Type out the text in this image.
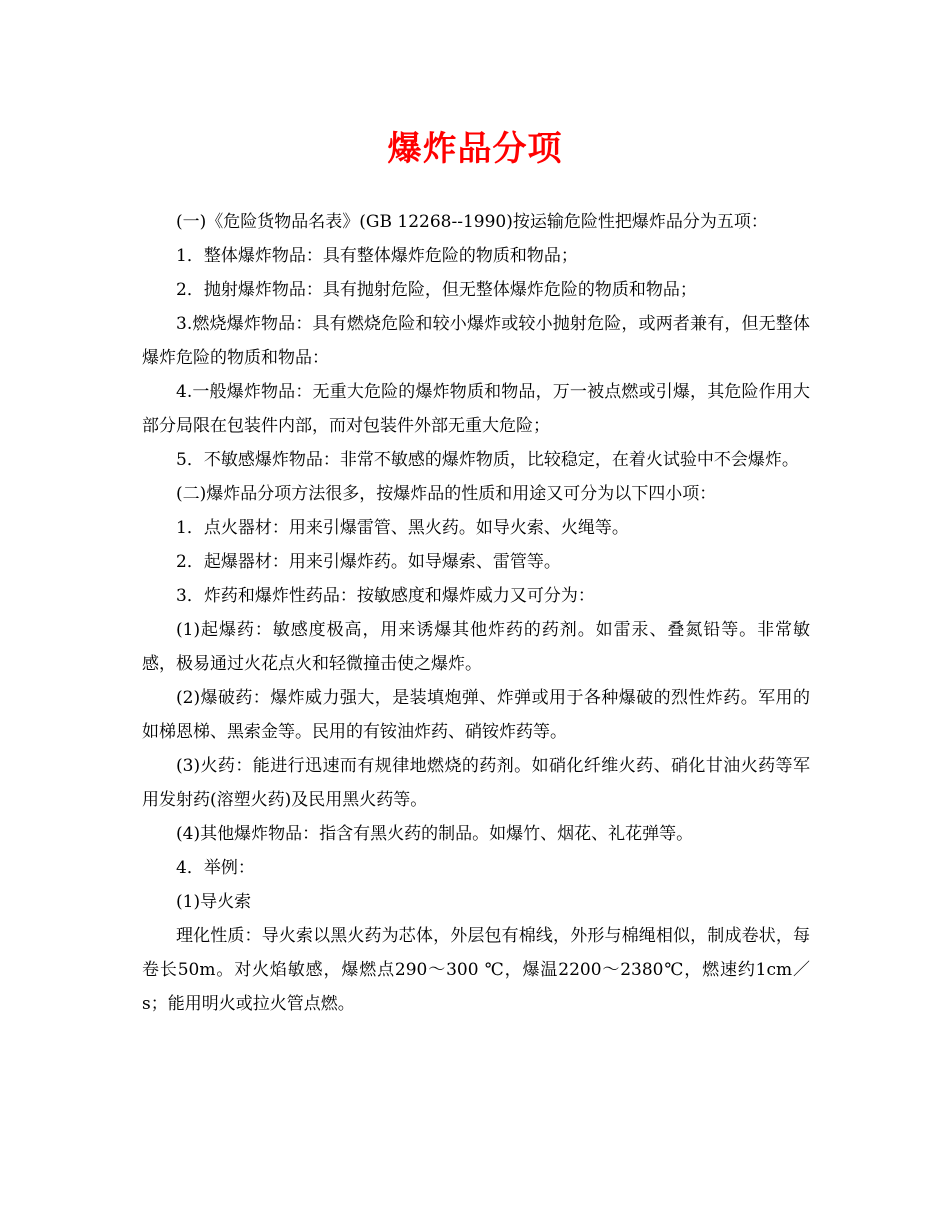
爆炸品分项

(一)《危险货物品名表》(GB 12268--1990)按运输危险性把爆炸品分为五项：

1．整体爆炸物品：具有整体爆炸危险的物质和物品；

2．抛射爆炸物品：具有抛射危险，但无整体爆炸危险的物质和物品；

3.燃烧爆炸物品：具有燃烧危险和较小爆炸或较小抛射危险，或两者兼有，但无整体爆炸危险的物质和物品：

4.一般爆炸物品：无重大危险的爆炸物质和物品，万一被点燃或引爆，其危险作用大部分局限在包装件内部，而对包装件外部无重大危险；

5．不敏感爆炸物品：非常不敏感的爆炸物质，比较稳定，在着火试验中不会爆炸。

(二)爆炸品分项方法很多，按爆炸品的性质和用途又可分为以下四小项：

1．点火器材：用来引爆雷管、黑火药。如导火索、火绳等。

2．起爆器材：用来引爆炸药。如导爆索、雷管等。

3．炸药和爆炸性药品：按敏感度和爆炸威力又可分为：

(1)起爆药：敏感度极高，用来诱爆其他炸药的药剂。如雷汞、叠氮铅等。非常敏感，极易通过火花点火和轻微撞击使之爆炸。

(2)爆破药：爆炸威力强大，是装填炮弹、炸弹或用于各种爆破的烈性炸药。军用的如梯恩梯、黑索金等。民用的有铵油炸药、硝铵炸药等。

(3)火药：能进行迅速而有规律地燃烧的药剂。如硝化纤维火药、硝化甘油火药等军用发射药(溶塑火药)及民用黑火药等。

(4)其他爆炸物品：指含有黑火药的制品。如爆竹、烟花、礼花弹等。

4．举例：

(1)导火索

理化性质：导火索以黑火药为芯体，外层包有棉线，外形与棉绳相似，制成卷状，每卷长50m。对火焰敏感，爆燃点290～300 ℃，爆温2200～2380℃，燃速约1cm／s；能用明火或拉火管点燃。
